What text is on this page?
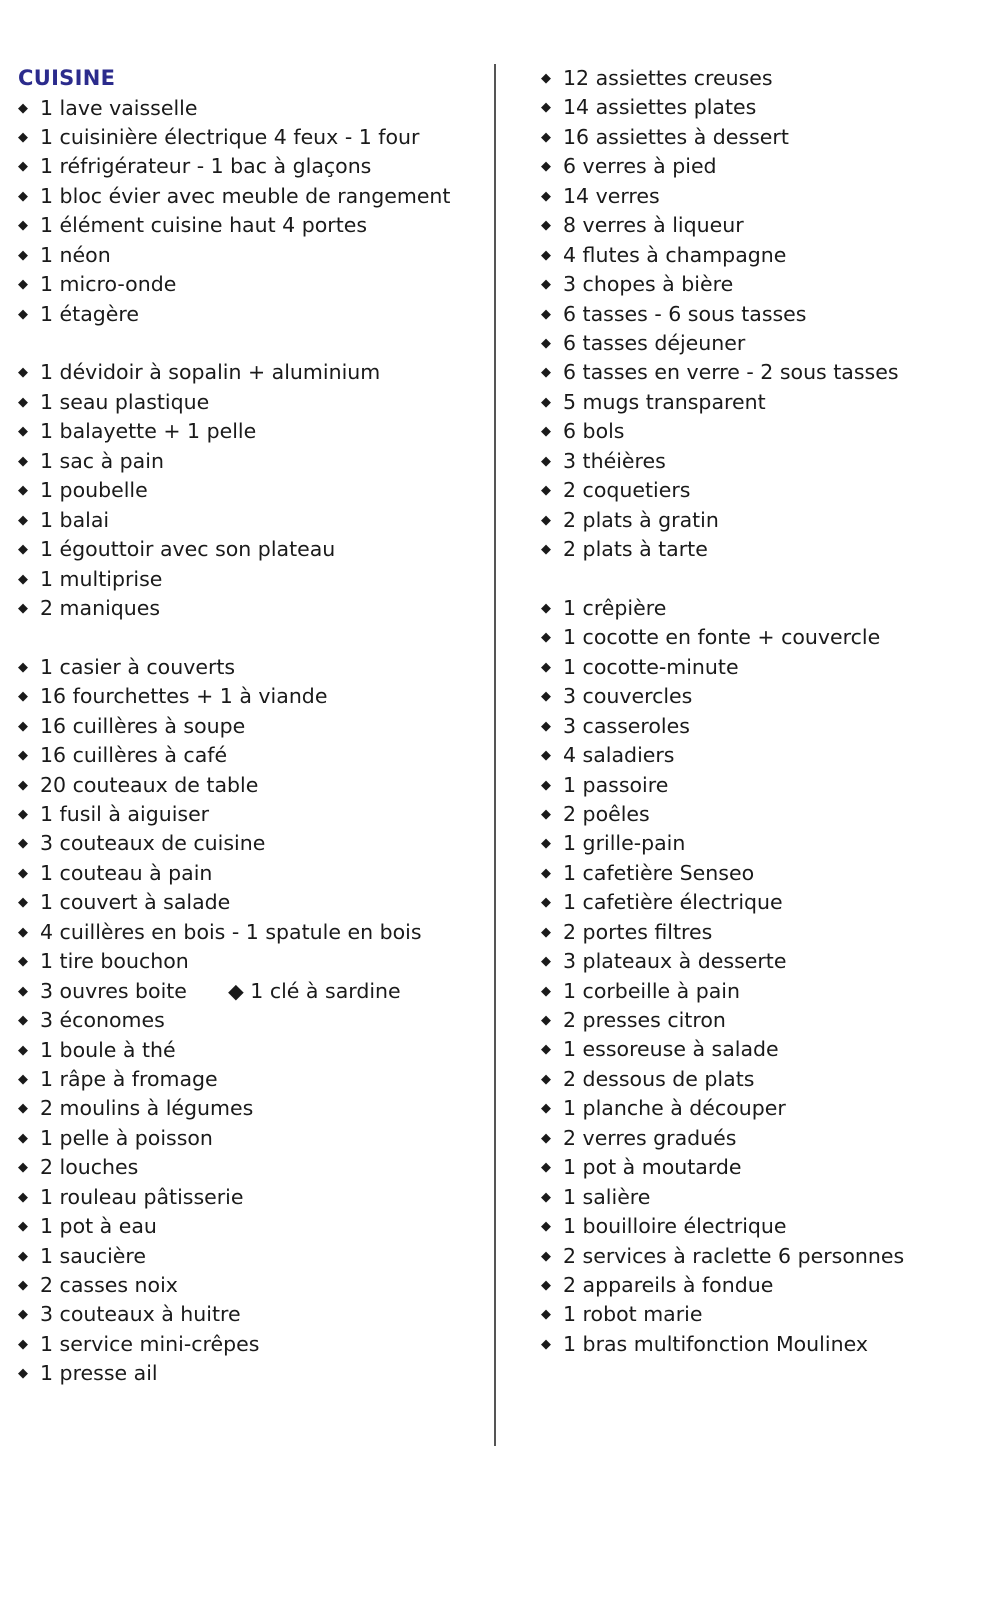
CUISINE
◆ 1 lave vaisselle
◆ 1 cuisinière électrique 4 feux - 1 four
◆ 1 réfrigérateur - 1 bac à glaçons
◆ 1 bloc évier avec meuble de rangement
◆ 1 élément cuisine haut 4 portes
◆ 1 néon
◆ 1 micro-onde
◆ 1 étagère
◆ 1 dévidoir à sopalin + aluminium
◆ 1 seau plastique
◆ 1 balayette + 1 pelle
◆ 1 sac à pain
◆ 1 poubelle
◆ 1 balai
◆ 1 égouttoir avec son plateau
◆ 1 multiprise
◆ 2 maniques
◆ 1 casier à couverts
◆ 16 fourchettes + 1 à viande
◆ 16 cuillères à soupe
◆ 16 cuillères à café
◆ 20 couteaux de table
◆ 1 fusil à aiguiser
◆ 3 couteaux de cuisine
◆ 1 couteau à pain
◆ 1 couvert à salade
◆ 4 cuillères en bois - 1 spatule en bois
◆ 1 tire bouchon
◆ 3 ouvres boite ◆ 1 clé à sardine
◆ 3 économes
◆ 1 boule à thé
◆ 1 râpe à fromage
◆ 2 moulins à légumes
◆ 1 pelle à poisson
◆ 2 louches
◆ 1 rouleau pâtisserie
◆ 1 pot à eau
◆ 1 saucière
◆ 2 casses noix
◆ 3 couteaux à huitre
◆ 1 service mini-crêpes
◆ 1 presse ail
◆ 12 assiettes creuses
◆ 14 assiettes plates
◆ 16 assiettes à dessert
◆ 6 verres à pied
◆ 14 verres
◆ 8 verres à liqueur
◆ 4 flutes à champagne
◆ 3 chopes à bière
◆ 6 tasses - 6 sous tasses
◆ 6 tasses déjeuner
◆ 6 tasses en verre - 2 sous tasses
◆ 5 mugs transparent
◆ 6 bols
◆ 3 théières
◆ 2 coquetiers
◆ 2 plats à gratin
◆ 2 plats à tarte
◆ 1 crêpière
◆ 1 cocotte en fonte + couvercle
◆ 1 cocotte-minute
◆ 3 couvercles
◆ 3 casseroles
◆ 4 saladiers
◆ 1 passoire
◆ 2 poêles
◆ 1 grille-pain
◆ 1 cafetière Senseo
◆ 1 cafetière électrique
◆ 2 portes filtres
◆ 3 plateaux à desserte
◆ 1 corbeille à pain
◆ 2 presses citron
◆ 1 essoreuse à salade
◆ 2 dessous de plats
◆ 1 planche à découper
◆ 2 verres gradués
◆ 1 pot à moutarde
◆ 1 salière
◆ 1 bouilloire électrique
◆ 2 services à raclette 6 personnes
◆ 2 appareils à fondue
◆ 1 robot marie
◆ 1 bras multifonction Moulinex
